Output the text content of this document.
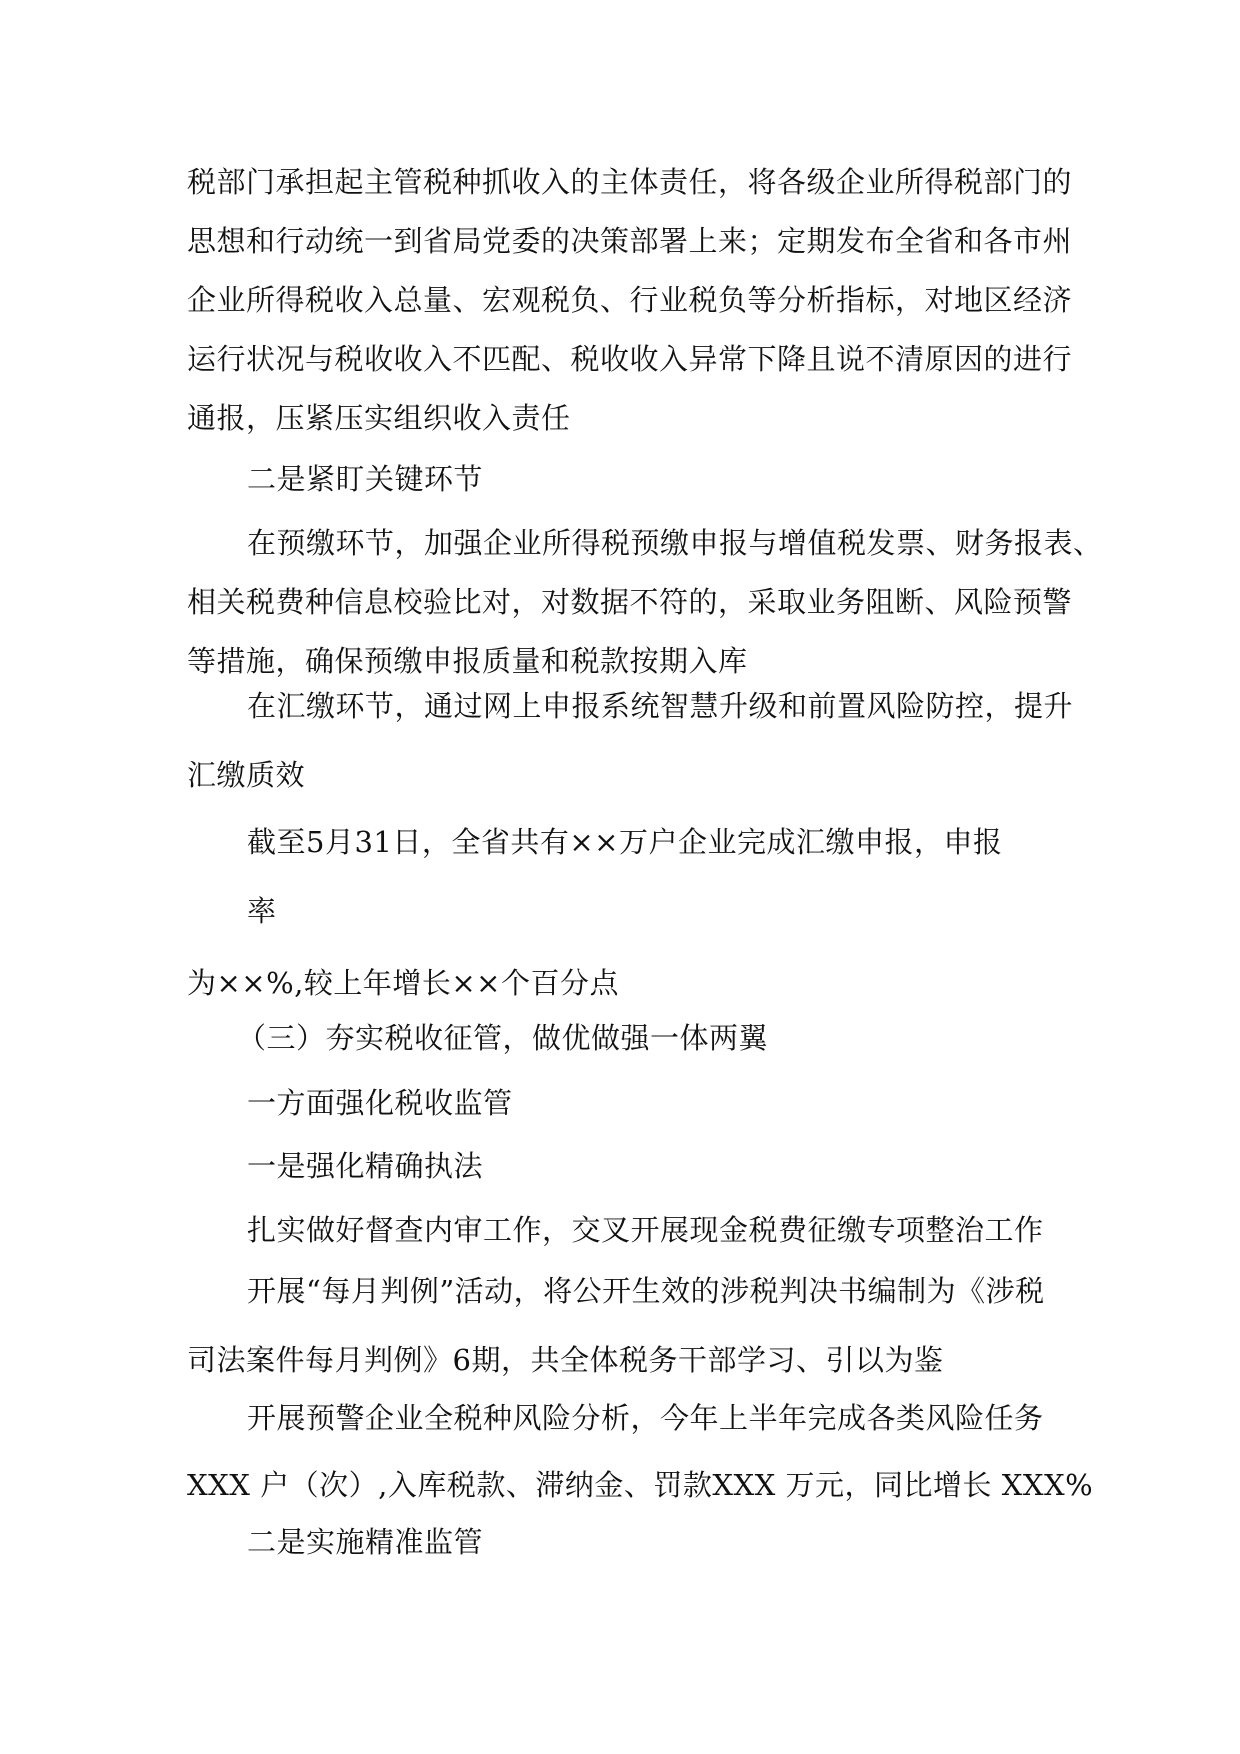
税部门承担起主管税种抓收入的主体责任，将各级企业所得税部门的
思想和行动统一到省局党委的决策部署上来；定期发布全省和各市州
企业所得税收入总量、宏观税负、行业税负等分析指标，对地区经济
运行状况与税收收入不匹配、税收收入异常下降且说不清原因的进行
通报，压紧压实组织收入责任
二是紧盯关键环节
在预缴环节，加强企业所得税预缴申报与增值税发票、财务报表、
相关税费种信息校验比对，对数据不符的，采取业务阻断、风险预警
等措施，确保预缴申报质量和税款按期入库
在汇缴环节，通过网上申报系统智慧升级和前置风险防控，提升
汇缴质效
截至5月31日，全省共有××万户企业完成汇缴申报，申报
率
为××%,较上年增长××个百分点
（三）夯实税收征管，做优做强一体两翼
一方面强化税收监管
一是强化精确执法
扎实做好督查内审工作，交叉开展现金税费征缴专项整治工作
开展“每月判例”活动，将公开生效的涉税判决书编制为《涉税
司法案件每月判例》6期，共全体税务干部学习、引以为鉴
开展预警企业全税种风险分析，今年上半年完成各类风险任务
XXX 户（次）,入库税款、滞纳金、罚款XXX 万元，同比增长 XXX%
二是实施精准监管
